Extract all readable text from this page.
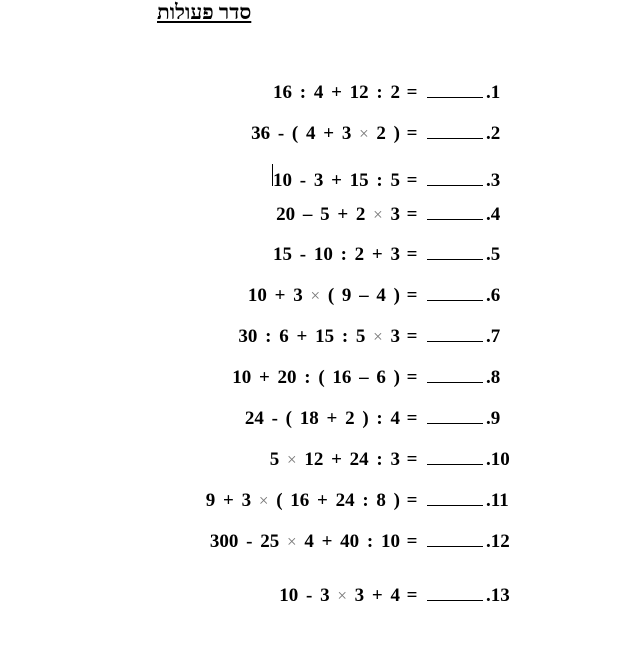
סדר פעולות
16 : 4 + 12 : 2 =	.1
36 - ( 4 + 3 × 2 ) =	.2
10 - 3 + 15 : 5 =	.3
20 – 5 + 2 × 3 =	.4
15 - 10 : 2 + 3 =	.5
10 + 3 × ( 9 – 4 ) =	.6
30 : 6 + 15 : 5 × 3 =	.7
10 + 20 : ( 16 – 6 ) =	.8
24 - ( 18 + 2 ) : 4 =	.9
5 × 12 + 24 : 3 =	.10
9 + 3 × ( 16 + 24 : 8 ) =	.11
300 - 25 × 4 + 40 : 10 =	.12
10 - 3 × 3 + 4 =	.13
